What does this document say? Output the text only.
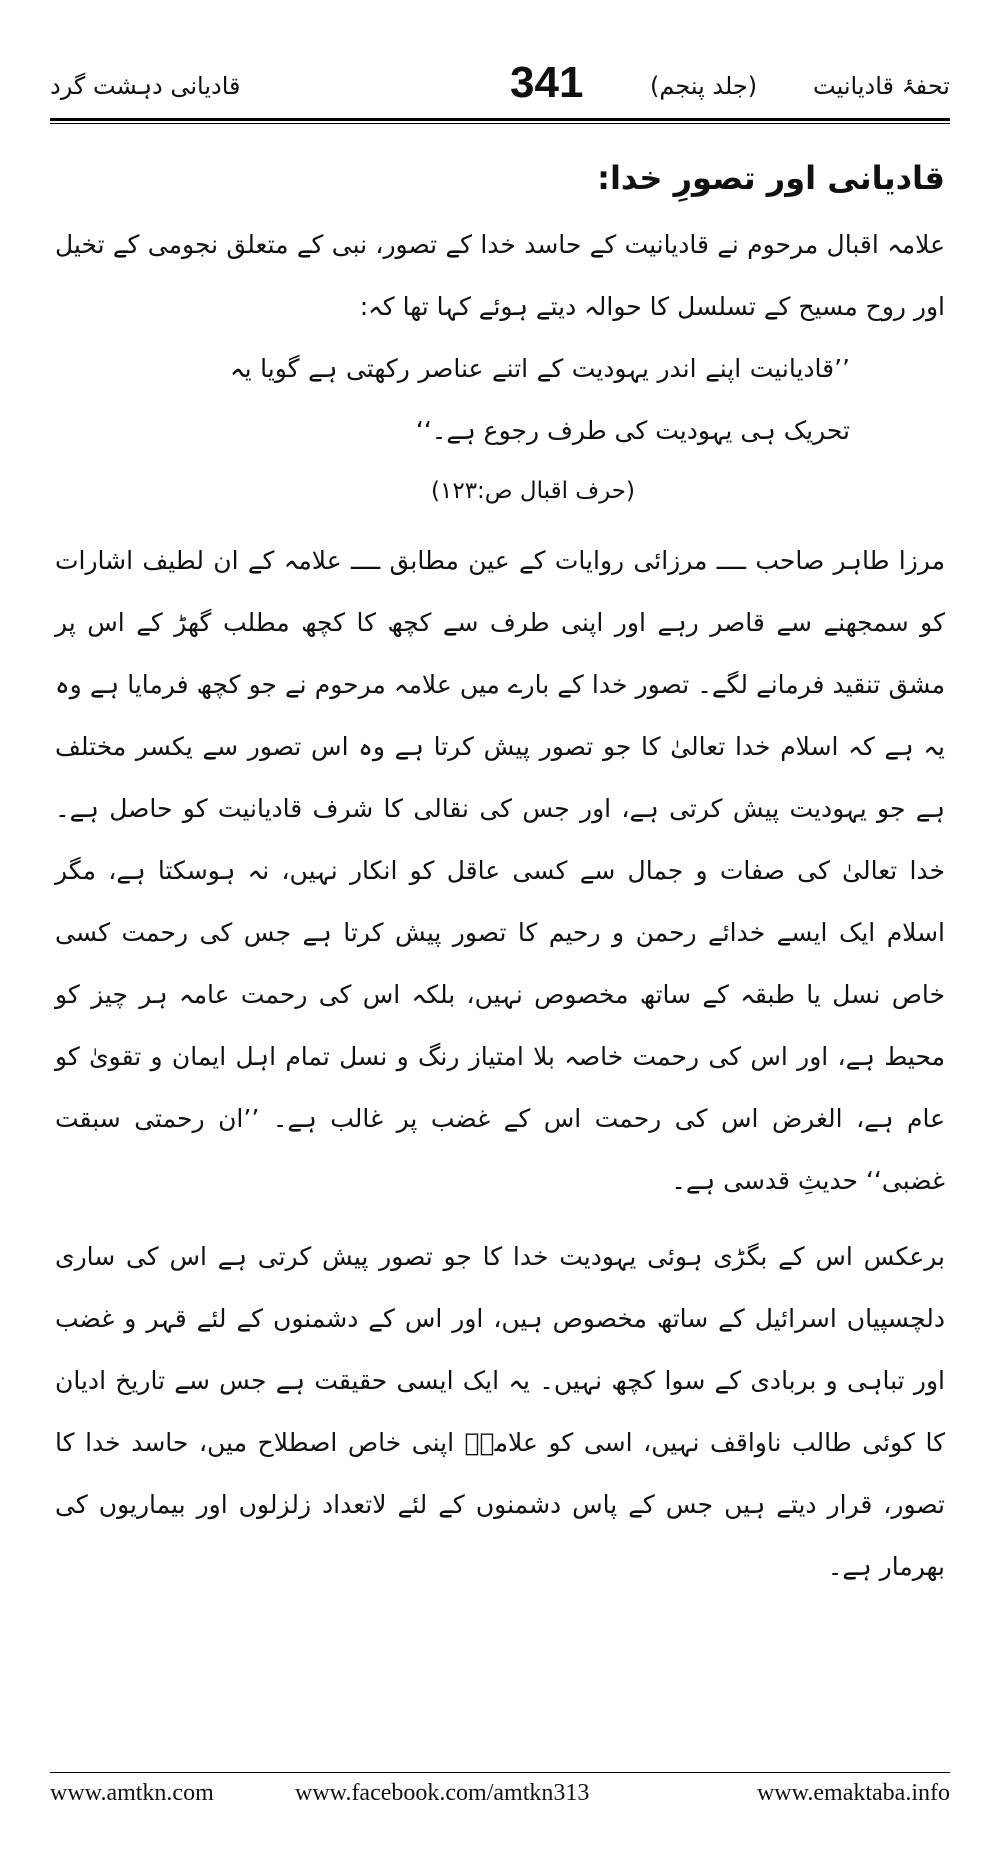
قادیانی دہشت گرد	341	(جلد پنجم) تحفۂ قادیانیت
قادیانی اور تصورِ خدا:

علامہ اقبال مرحوم نے قادیانیت کے حاسد خدا کے تصور، نبی کے متعلق نجومی کے تخیل اور روح مسیح کے تسلسل کا حوالہ دیتے ہوئے کہا تھا کہ:

’’قادیانیت اپنے اندر یہودیت کے اتنے عناصر رکھتی ہے گویا یہ تحریک ہی یہودیت کی طرف رجوع ہے۔‘‘

(حرف اقبال ص:۱۲۳)

مرزا طاہر صاحب ــــ مرزائی روایات کے عین مطابق ــــ علامہ کے ان لطیف اشارات کو سمجھنے سے قاصر رہے اور اپنی طرف سے کچھ کا کچھ مطلب گھڑ کے اس پر مشق تنقید فرمانے لگے۔ تصور خدا کے بارے میں علامہ مرحوم نے جو کچھ فرمایا ہے وہ یہ ہے کہ اسلام خدا تعالیٰ کا جو تصور پیش کرتا ہے وہ اس تصور سے یکسر مختلف ہے جو یہودیت پیش کرتی ہے، اور جس کی نقالی کا شرف قادیانیت کو حاصل ہے۔ خدا تعالیٰ کی صفات و جمال سے کسی عاقل کو انکار نہیں، نہ ہوسکتا ہے، مگر اسلام ایک ایسے خدائے رحمن و رحیم کا تصور پیش کرتا ہے جس کی رحمت کسی خاص نسل یا طبقہ کے ساتھ مخصوص نہیں، بلکہ اس کی رحمت عامہ ہر چیز کو محیط ہے، اور اس کی رحمت خاصہ بلا امتیاز رنگ و نسل تمام اہل ایمان و تقویٰ کو عام ہے، الغرض اس کی رحمت اس کے غضب پر غالب ہے۔ ’’ان رحمتی سبقت غضبی‘‘ حدیثِ قدسی ہے۔

برعکس اس کے بگڑی ہوئی یہودیت خدا کا جو تصور پیش کرتی ہے اس کی ساری دلچسپیاں اسرائیل کے ساتھ مخصوص ہیں، اور اس کے دشمنوں کے لئے قہر و غضب اور تباہی و بربادی کے سوا کچھ نہیں۔ یہ ایک ایسی حقیقت ہے جس سے تاریخ ادیان کا کوئی طالب ناواقف نہیں، اسی کو علامہؒ اپنی خاص اصطلاح میں، حاسد خدا کا تصور، قرار دیتے ہیں جس کے پاس دشمنوں کے لئے لاتعداد زلزلوں اور بیماریوں کی بھرمار ہے۔

www.amtkn.com	www.facebook.com/amtkn313	www.emaktaba.info
